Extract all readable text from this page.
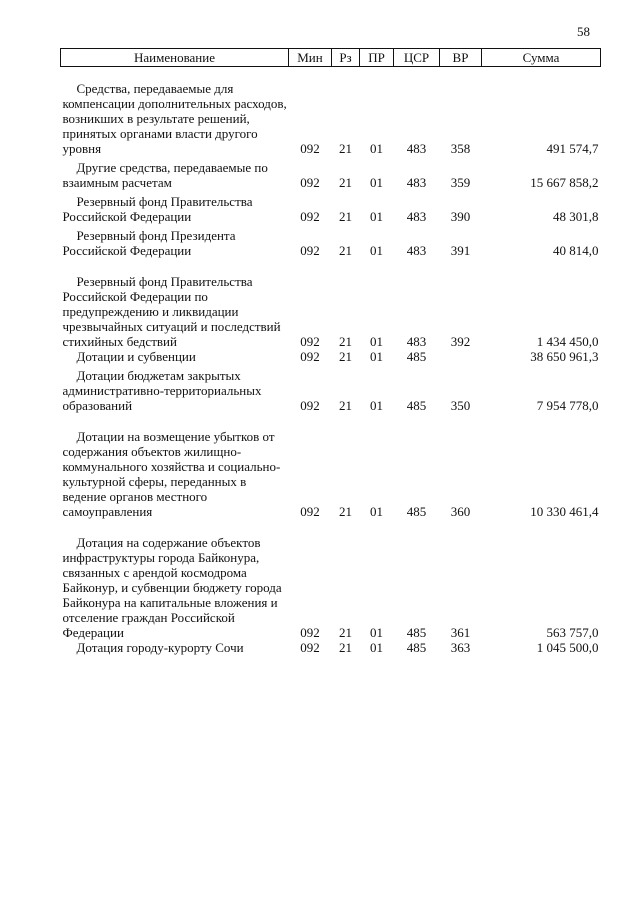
58
Наименование	Мин	Рз	ПР	ЦСР	ВР	Сумма

Средства, передаваемые для компенсации дополнительных расходов, возникших в результате решений, принятых органами власти другого уровня	092	21	01	483	358	491 574,7

Другие средства, передаваемые по взаимным расчетам	092	21	01	483	359	15 667 858,2

Резервный фонд Правительства Российской Федерации	092	21	01	483	390	48 301,8

Резервный фонд Президента Российской Федерации	092	21	01	483	391	40 814,0

Резервный фонд Правительства Российской Федерации по предупреждению и ликвидации чрезвычайных ситуаций и последствий стихийных бедствий	092	21	01	483	392	1 434 450,0

Дотации и субвенции	092	21	01	485		38 650 961,3

Дотации бюджетам закрытых административно-территориальных образований	092	21	01	485	350	7 954 778,0

Дотации на возмещение убытков от содержания объектов жилищно-коммунального хозяйства и социально-культурной сферы, переданных в ведение органов местного самоуправления	092	21	01	485	360	10 330 461,4

Дотация на содержание объектов инфраструктуры города Байконура, связанных с арендой космодрома Байконур, и субвенции бюджету города Байконура на капитальные вложения и отселение граждан Российской Федерации	092	21	01	485	361	563 757,0

Дотация городу-курорту Сочи	092	21	01	485	363	1 045 500,0
